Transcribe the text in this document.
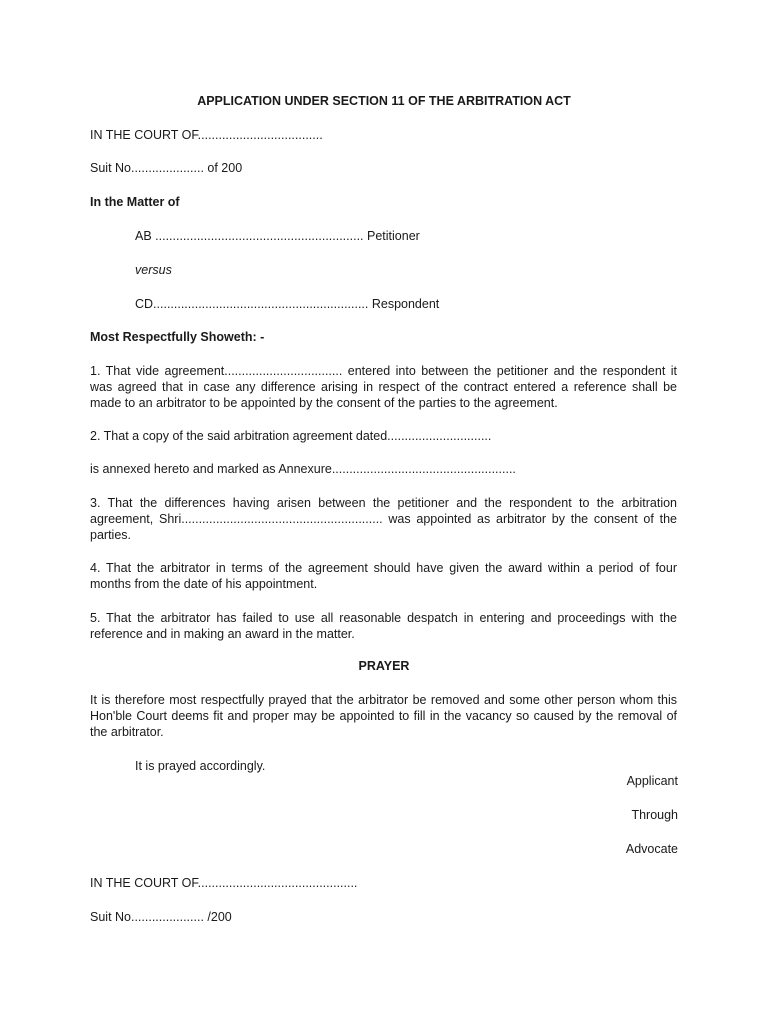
APPLICATION UNDER SECTION 11 OF THE ARBITRATION ACT
IN THE COURT OF....................................
Suit No..................... of 200
In the Matter of
AB ............................................................ Petitioner
versus
CD.............................................................. Respondent
Most Respectfully Showeth: -
1. That vide agreement.................................. entered into between the petitioner and the respondent it was agreed that in case any difference arising in respect of the contract entered a reference shall be made to an arbitrator to be appointed by the consent of the parties to the agreement.
2. That a copy of the said arbitration agreement dated..............................
is annexed hereto and marked as Annexure.....................................................
3. That the differences having arisen between the petitioner and the respondent to the arbitration agreement, Shri.......................................................... was appointed as arbitrator by the consent of the parties.
4. That the arbitrator in terms of the agreement should have given the award within a period of four months from the date of his appointment.
5. That the arbitrator has failed to use all reasonable despatch in entering and proceedings with the reference and in making an award in the matter.
PRAYER
It is therefore most respectfully prayed that the arbitrator be removed and some other person whom this Hon'ble Court deems fit and proper may be appointed to fill in the vacancy so caused by the removal of the arbitrator.
It is prayed accordingly.
Applicant
Through
Advocate
IN THE COURT OF..............................................
Suit No..................... /200
